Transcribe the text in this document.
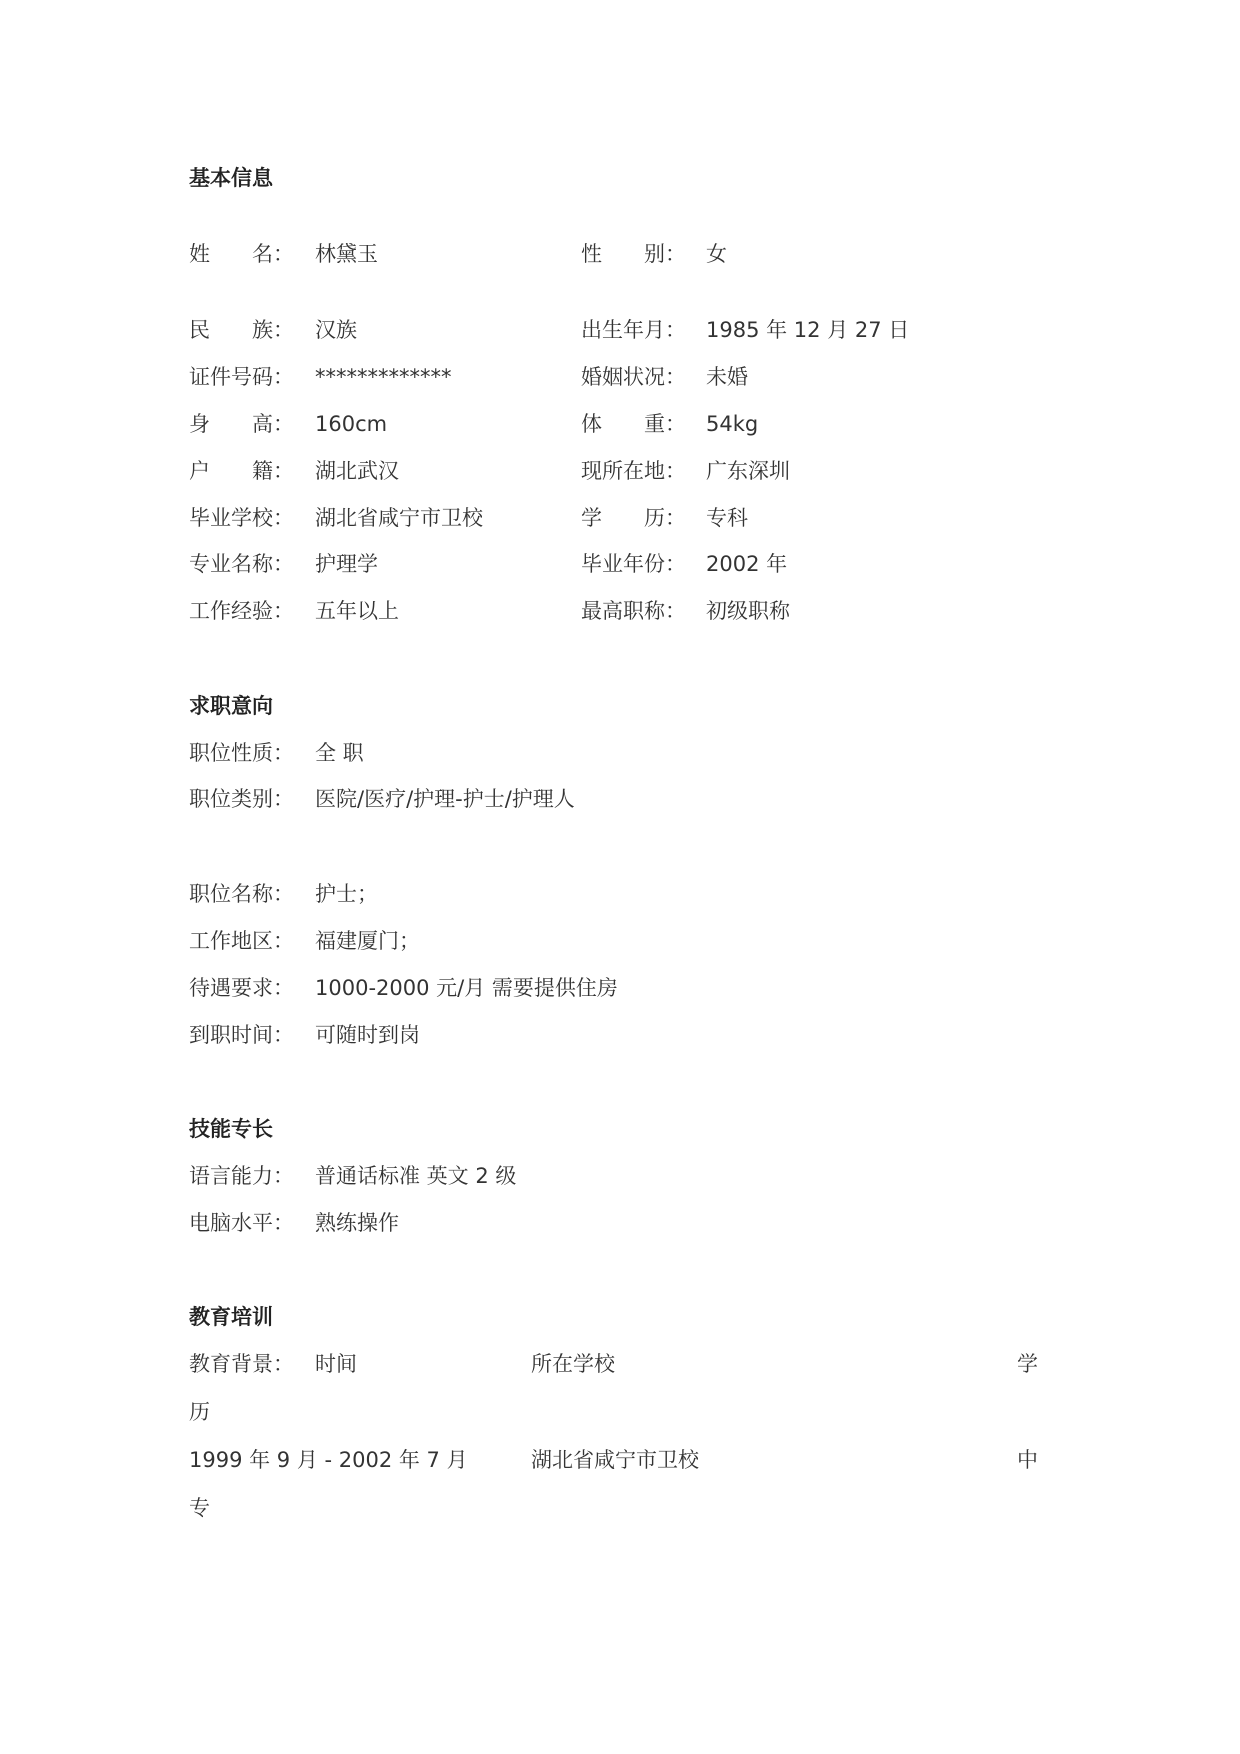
基本信息
姓　　名： 林黛玉	性　　别： 女
民　　族： 汉族	出生年月： 1985 年 12 月 27 日
证件号码： *************	婚姻状况： 未婚
身　　高： 160cm	体　　重： 54kg
户　　籍： 湖北武汉	现所在地： 广东深圳
毕业学校： 湖北省咸宁市卫校	学　　历： 专科
专业名称： 护理学	毕业年份： 2002 年
工作经验： 五年以上	最高职称： 初级职称
求职意向
职位性质： 全 职
职位类别： 医院/医疗/护理-护士/护理人
职位名称： 护士；
工作地区： 福建厦门；
待遇要求： 1000-2000 元/月 需要提供住房
到职时间： 可随时到岗
技能专长
语言能力： 普通话标准 英文 2 级
电脑水平： 熟练操作
教育培训
教育背景： 时间	所在学校	学
历
1999 年 9 月 - 2002 年 7 月	湖北省咸宁市卫校	中
专
